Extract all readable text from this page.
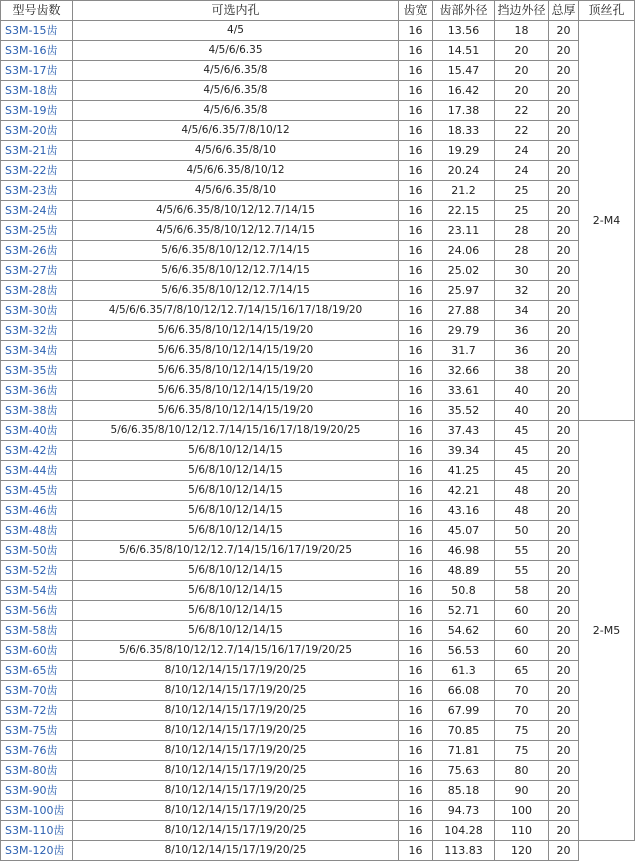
型号齿数	可选内孔	齿宽	齿部外径	挡边外径	总厚	顶丝孔
S3M-15齿	4/5	16	13.56	18	20	2-M4
S3M-16齿	4/5/6/6.35	16	14.51	20	20	
S3M-17齿	4/5/6/6.35/8	16	15.47	20	20	
S3M-18齿	4/5/6/6.35/8	16	16.42	20	20	
S3M-19齿	4/5/6/6.35/8	16	17.38	22	20	
S3M-20齿	4/5/6/6.35/7/8/10/12	16	18.33	22	20	
S3M-21齿	4/5/6/6.35/8/10	16	19.29	24	20	
S3M-22齿	4/5/6/6.35/8/10/12	16	20.24	24	20	
S3M-23齿	4/5/6/6.35/8/10	16	21.2	25	20	
S3M-24齿	4/5/6/6.35/8/10/12/12.7/14/15	16	22.15	25	20	
S3M-25齿	4/5/6/6.35/8/10/12/12.7/14/15	16	23.11	28	20	
S3M-26齿	5/6/6.35/8/10/12/12.7/14/15	16	24.06	28	20	
S3M-27齿	5/6/6.35/8/10/12/12.7/14/15	16	25.02	30	20	
S3M-28齿	5/6/6.35/8/10/12/12.7/14/15	16	25.97	32	20	
S3M-30齿	4/5/6/6.35/7/8/10/12/12.7/14/15/16/17/18/19/20	16	27.88	34	20	
S3M-32齿	5/6/6.35/8/10/12/14/15/19/20	16	29.79	36	20	
S3M-34齿	5/6/6.35/8/10/12/14/15/19/20	16	31.7	36	20	
S3M-35齿	5/6/6.35/8/10/12/14/15/19/20	16	32.66	38	20	
S3M-36齿	5/6/6.35/8/10/12/14/15/19/20	16	33.61	40	20	
S3M-38齿	5/6/6.35/8/10/12/14/15/19/20	16	35.52	40	20	
S3M-40齿	5/6/6.35/8/10/12/12.7/14/15/16/17/18/19/20/25	16	37.43	45	20	2-M5
S3M-42齿	5/6/8/10/12/14/15	16	39.34	45	20	
S3M-44齿	5/6/8/10/12/14/15	16	41.25	45	20	
S3M-45齿	5/6/8/10/12/14/15	16	42.21	48	20	
S3M-46齿	5/6/8/10/12/14/15	16	43.16	48	20	
S3M-48齿	5/6/8/10/12/14/15	16	45.07	50	20	
S3M-50齿	5/6/6.35/8/10/12/12.7/14/15/16/17/19/20/25	16	46.98	55	20	
S3M-52齿	5/6/8/10/12/14/15	16	48.89	55	20	
S3M-54齿	5/6/8/10/12/14/15	16	50.8	58	20	
S3M-56齿	5/6/8/10/12/14/15	16	52.71	60	20	
S3M-58齿	5/6/8/10/12/14/15	16	54.62	60	20	
S3M-60齿	5/6/6.35/8/10/12/12.7/14/15/16/17/19/20/25	16	56.53	60	20	
S3M-65齿	8/10/12/14/15/17/19/20/25	16	61.3	65	20	
S3M-70齿	8/10/12/14/15/17/19/20/25	16	66.08	70	20	
S3M-72齿	8/10/12/14/15/17/19/20/25	16	67.99	70	20	
S3M-75齿	8/10/12/14/15/17/19/20/25	16	70.85	75	20	
S3M-76齿	8/10/12/14/15/17/19/20/25	16	71.81	75	20	
S3M-80齿	8/10/12/14/15/17/19/20/25	16	75.63	80	20	
S3M-90齿	8/10/12/14/15/17/19/20/25	16	85.18	90	20	
S3M-100齿	8/10/12/14/15/17/19/20/25	16	94.73	100	20	
S3M-110齿	8/10/12/14/15/17/19/20/25	16	104.28	110	20	
S3M-120齿	8/10/12/14/15/17/19/20/25	16	113.83	120	20	
